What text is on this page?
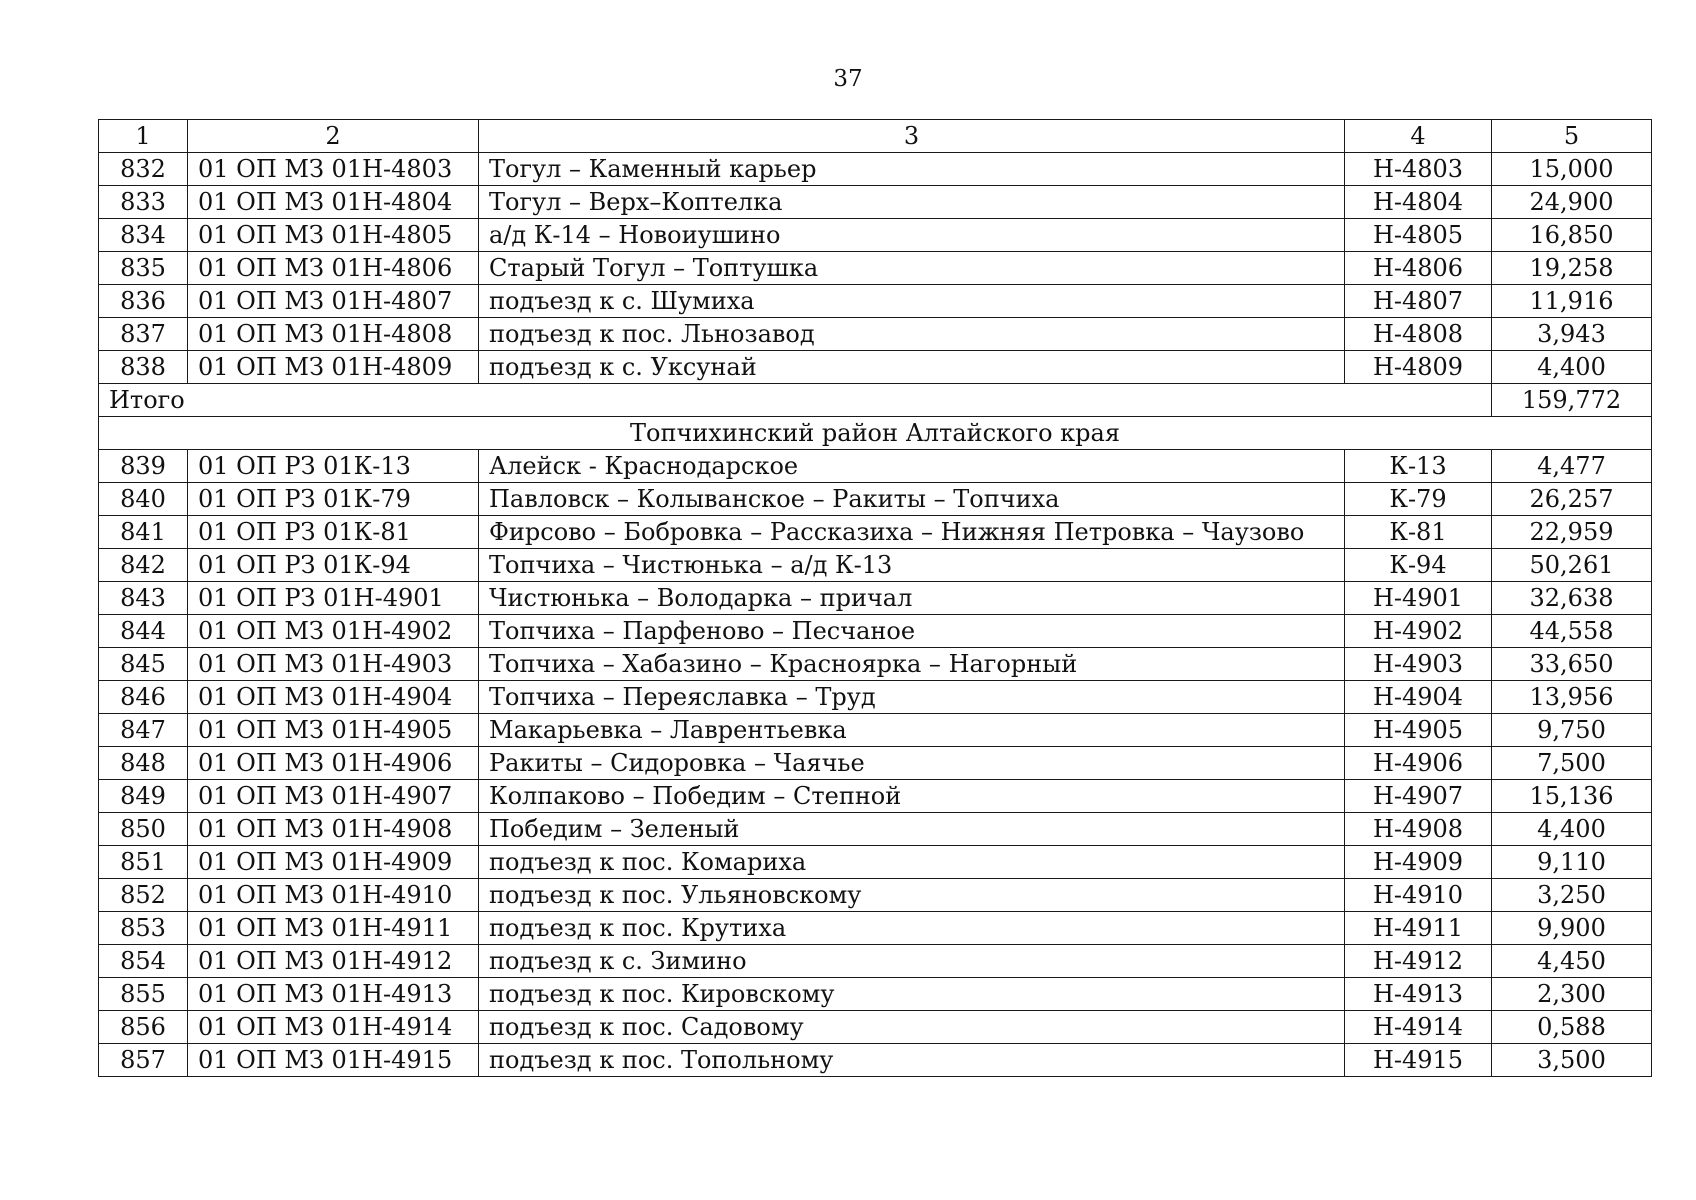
37
1	2	3	4	5
832	01 ОП МЗ 01Н-4803	Тогул – Каменный карьер	Н-4803	15,000
833	01 ОП МЗ 01Н-4804	Тогул – Верх–Коптелка	Н-4804	24,900
834	01 ОП МЗ 01Н-4805	а/д К-14 – Новоиушино	Н-4805	16,850
835	01 ОП МЗ 01Н-4806	Старый Тогул – Топтушка	Н-4806	19,258
836	01 ОП МЗ 01Н-4807	подъезд к с. Шумиха	Н-4807	11,916
837	01 ОП МЗ 01Н-4808	подъезд к пос. Льнозавод	Н-4808	3,943
838	01 ОП МЗ 01Н-4809	подъезд к с. Уксунай	Н-4809	4,400
Итого				159,772
Топчихинский район Алтайского края				
839	01 ОП РЗ 01К-13	Алейск - Краснодарское	К-13	4,477
840	01 ОП РЗ 01К-79	Павловск – Колыванское – Ракиты – Топчиха	К-79	26,257
841	01 ОП РЗ 01К-81	Фирсово – Бобровка – Рассказиха – Нижняя Петровка – Чаузово	К-81	22,959
842	01 ОП РЗ 01К-94	Топчиха – Чистюнька – а/д К-13	К-94	50,261
843	01 ОП РЗ 01Н-4901	Чистюнька – Володарка – причал	Н-4901	32,638
844	01 ОП МЗ 01Н-4902	Топчиха – Парфеново – Песчаное	Н-4902	44,558
845	01 ОП МЗ 01Н-4903	Топчиха – Хабазино – Красноярка – Нагорный	Н-4903	33,650
846	01 ОП МЗ 01Н-4904	Топчиха – Переяславка – Труд	Н-4904	13,956
847	01 ОП МЗ 01Н-4905	Макарьевка – Лаврентьевка	Н-4905	9,750
848	01 ОП МЗ 01Н-4906	Ракиты – Сидоровка – Чаячье	Н-4906	7,500
849	01 ОП МЗ 01Н-4907	Колпаково – Победим – Степной	Н-4907	15,136
850	01 ОП МЗ 01Н-4908	Победим – Зеленый	Н-4908	4,400
851	01 ОП МЗ 01Н-4909	подъезд к пос. Комариха	Н-4909	9,110
852	01 ОП МЗ 01Н-4910	подъезд к пос. Ульяновскому	Н-4910	3,250
853	01 ОП МЗ 01Н-4911	подъезд к пос. Крутиха	Н-4911	9,900
854	01 ОП МЗ 01Н-4912	подъезд к с. Зимино	Н-4912	4,450
855	01 ОП МЗ 01Н-4913	подъезд к пос. Кировскому	Н-4913	2,300
856	01 ОП МЗ 01Н-4914	подъезд к пос. Садовому	Н-4914	0,588
857	01 ОП МЗ 01Н-4915	подъезд к пос. Топольному	Н-4915	3,500
